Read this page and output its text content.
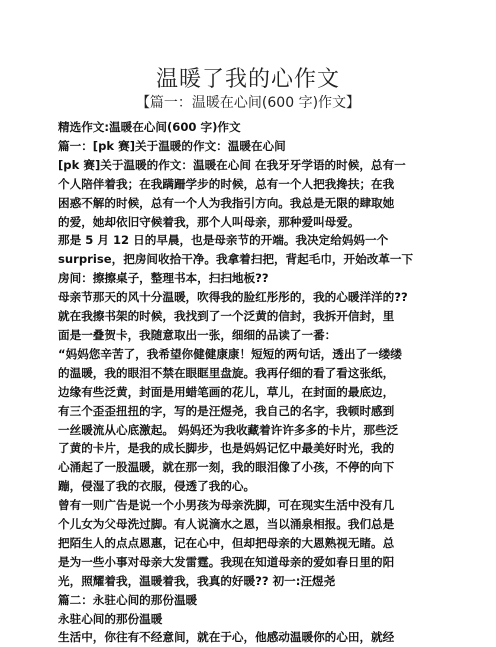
温暖了我的心作文
【篇一：温暖在心间(600 字)作文】
精选作文:温暖在心间(600 字)作文
篇一：[pk 赛]关于温暖的作文：温暖在心间
[pk 赛]关于温暖的作文：温暖在心间 在我牙牙学语的时候，总有一
个人陪伴着我；在我蹒跚学步的时候，总有一个人把我搀扶；在我
困惑不解的时候，总有一个人为我指引方向。我总是无限的肆取她
的爱，她却依旧守候着我，那个人叫母亲，那种爱叫母爱。
那是 5 月 12 日的早晨，也是母亲节的开端。我决定给妈妈一个
surprise，把房间收拾干净。我拿着扫把，背起毛巾，开始改革一下
房间：擦擦桌子，整理书本，扫扫地板??
母亲节那天的风十分温暖，吹得我的脸红彤彤的，我的心暖洋洋的??
就在我擦书架的时候，我找到了一个泛黄的信封，我拆开信封，里
面是一叠贺卡，我随意取出一张，细细的品读了一番：
“妈妈您辛苦了，我希望你健健康康！短短的两句话，透出了一缕缕
的温暖，我的眼泪不禁在眼眶里盘旋。我再仔细的看了看这张纸，
边缘有些泛黄，封面是用蜡笔画的花儿，草儿，在封面的最底边，
有三个歪歪扭扭的字，写的是汪煜尧，我自己的名字，我顿时感到
一丝暖流从心底激起。 妈妈还为我收藏着许许多多的卡片，那些泛
了黄的卡片，是我的成长脚步，也是妈妈记忆中最美好时光，我的
心涌起了一股温暖，就在那一刻，我的眼泪像了小孩，不停的向下
蹦，侵湿了我的衣服，侵透了我的心。
曾有一则广告是说一个小男孩为母亲洗脚，可在现实生活中没有几
个儿女为父母洗过脚。有人说滴水之恩，当以涌泉相报。我们总是
把陌生人的点点恩惠，记在心中，但却把母亲的大恩熟视无睹。总
是为一些小事对母亲大发雷霆。我现在知道母亲的爱如春日里的阳
光，照耀着我，温暖着我，我真的好暖?? 初一:汪煜尧
篇二：永驻心间的那份温暖
永驻心间的那份温暖
生活中，你往有不经意间，就在于心，他感动温暖你的心田，就经
